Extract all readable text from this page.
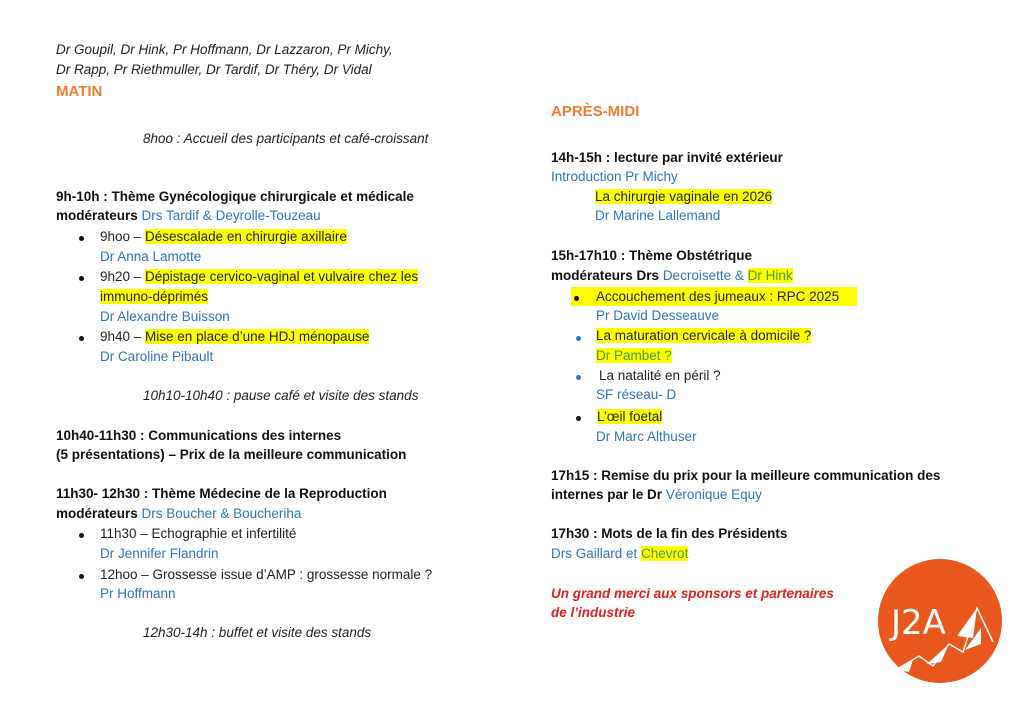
Dr Goupil, Dr Hink, Pr Hoffmann, Dr Lazzaron, Pr Michy,
Dr Rapp, Pr Riethmuller, Dr Tardif, Dr Théry, Dr Vidal
MATIN
8hoo : Accueil des participants et café-croissant
9h-10h : Thème Gynécologique chirurgicale et médicale
modérateurs Drs Tardif & Deyrolle-Touzeau
9hoo – Désescalade en chirurgie axillaire
Dr Anna Lamotte
9h20 – Dépistage cervico-vaginal et vulvaire chez les
immuno-déprimés
Dr Alexandre Buisson
9h40 – Mise en place d’une HDJ ménopause
Dr Caroline Pibault
10h10-10h40 : pause café et visite des stands
10h40-11h30 : Communications des internes
(5 présentations) – Prix de la meilleure communication
11h30- 12h30 : Thème Médecine de la Reproduction
modérateurs Drs Boucher & Boucheriha
11h30 – Echographie et infertilité
Dr Jennifer Flandrin
12hoo – Grossesse issue d’AMP : grossesse normale ?
Pr Hoffmann
12h30-14h : buffet et visite des stands
APRÈS-MIDI
14h-15h : lecture par invité extérieur
Introduction Pr Michy
La chirurgie vaginale en 2026
Dr Marine Lallemand
15h-17h10 : Thème Obstétrique
modérateurs Drs Decroisette & Dr Hink
Accouchement des jumeaux : RPC 2025
Pr David Desseauve
La maturation cervicale à domicile ?
Dr Pambet ?
La natalité en péril ?
SF réseau- D
L’œil foetal
Dr Marc Althuser
17h15 : Remise du prix pour la meilleure communication des
internes par le Dr Véronique Equy
17h30 : Mots de la fin des Présidents
Drs Gaillard et Chevrot
Un grand merci aux sponsors et partenaires
de l’industrie	J2A
